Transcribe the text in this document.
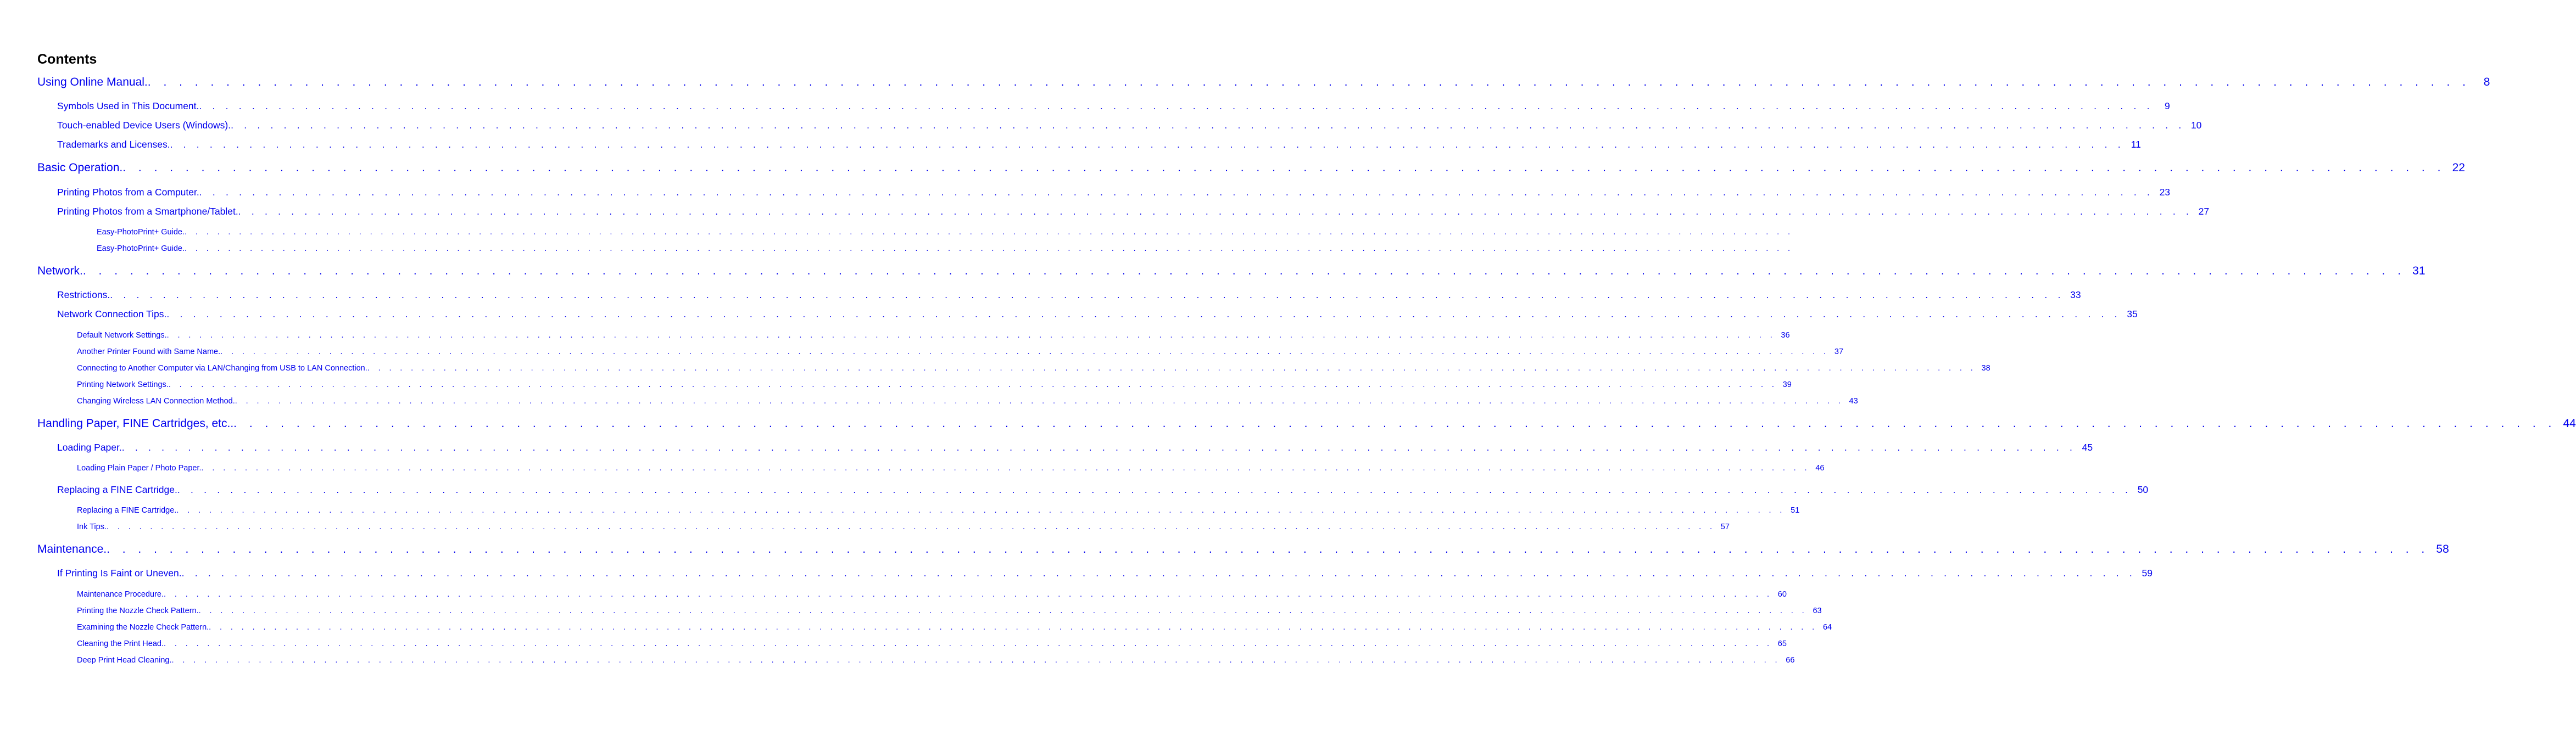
Contents
Using Online Manual. . . . . . . . . . . . . . . . . . . . . . . . . . . . . . . . . . . . . . . . . . . . . . . . . . . . . . . . . . . . . . . . . . . . . . . . . . . . . . . . . . . . . . . . . . . . . . . . . . . . . . . . . . . . . . . . . . . . . . . . . . . . . . . . . . . . . . . . . . . . . . . . . . . . .	8
Symbols Used in This Document. . . . . . . . . . . . . . . . . . . . . . . . . . . . . . . . . . . . . . . . . . . . . . . . . . . . . . . . . . . . . . . . . . . . . . . . . . . . . . . . . . . . . . . . . . . . . . . . . . . . . . . . . . . . . . . . . . . . . . . . . . . . . . . . . . . . . . . . . . . . . . . . . . . . .	9
Touch-enabled Device Users (Windows). . . . . . . . . . . . . . . . . . . . . . . . . . . . . . . . . . . . . . . . . . . . . . . . . . . . . . . . . . . . . . . . . . . . . . . . . . . . . . . . . . . . . . . . . . . . . . . . . . . . . . . . . . . . . . . . . . . . . . . . . . . . . . . . . . . . . . . . . . . . . . . . . . . . . 10
Trademarks and Licenses. . . . . . . . . . . . . . . . . . . . . . . . . . . . . . . . . . . . . . . . . . . . . . . . . . . . . . . . . . . . . . . . . . . . . . . . . . . . . . . . . . . . . . . . . . . . . . . . . . . . . . . . . . . . . . . . . . . . . . . . . . . . . . . . . . . . . . . . . . . . . . . . . . . . . 11
Basic Operation. . . . . . . . . . . . . . . . . . . . . . . . . . . . . . . . . . . . . . . . . . . . . . . . . . . . . . . . . . . . . . . . . . . . . . . . . . . . . . . . . . . . . . . . . . . . . . . . . . . . . . . . . . . . . . . . . . . . . . . . . . . . . . . . . . . . . . . . . . . . . . . . . . . . . 22
Printing Photos from a Computer. . . . . . . . . . . . . . . . . . . . . . . . . . . . . . . . . . . . . . . . . . . . . . . . . . . . . . . . . . . . . . . . . . . . . . . . . . . . . . . . . . . . . . . . . . . . . . . . . . . . . . . . . . . . . . . . . . . . . . . . . . . . . . . . . . . . . . . . . . . . . . . . . . . . . 23
Printing Photos from a Smartphone/Tablet. . . . . . . . . . . . . . . . . . . . . . . . . . . . . . . . . . . . . . . . . . . . . . . . . . . . . . . . . . . . . . . . . . . . . . . . . . . . . . . . . . . . . . . . . . . . . . . . . . . . . . . . . . . . . . . . . . . . . . . . . . . . . . . . . . . . . . . . . . . . . . . . . . . . . 27
Easy-PhotoPrint+ Guide. . . . . . . . . . . . . . . . . . . . . . . . . . . . . . . . . . . . . . . . . . . . . . . . . . . . . . . . . . . . . . . . . . . . . . . . . . . . . . . . . . . . . . . . . . . . . . . . . . . . . . . . . . . . . . . . . . . . . . . . . . . . . . . . . . . . . . . . . . . . . . . . . . . . .
Easy-PhotoPrint+ Guide. . . . . . . . . . . . . . . . . . . . . . . . . . . . . . . . . . . . . . . . . . . . . . . . . . . . . . . . . . . . . . . . . . . . . . . . . . . . . . . . . . . . . . . . . . . . . . . . . . . . . . . . . . . . . . . . . . . . . . . . . . . . . . . . . . . . . . . . . . . . . . . . . . . . .
Network. . . . . . . . . . . . . . . . . . . . . . . . . . . . . . . . . . . . . . . . . . . . . . . . . . . . . . . . . . . . . . . . . . . . . . . . . . . . . . . . . . . . . . . . . . . . . . . . . . . . . . . . . . . . . . . . . . . . . . . . . . . . . . . . . . . . . . . . . . . . . . . . . . . . . 31
Restrictions. . . . . . . . . . . . . . . . . . . . . . . . . . . . . . . . . . . . . . . . . . . . . . . . . . . . . . . . . . . . . . . . . . . . . . . . . . . . . . . . . . . . . . . . . . . . . . . . . . . . . . . . . . . . . . . . . . . . . . . . . . . . . . . . . . . . . . . . . . . . . . . . . . . . . 33
Network Connection Tips. . . . . . . . . . . . . . . . . . . . . . . . . . . . . . . . . . . . . . . . . . . . . . . . . . . . . . . . . . . . . . . . . . . . . . . . . . . . . . . . . . . . . . . . . . . . . . . . . . . . . . . . . . . . . . . . . . . . . . . . . . . . . . . . . . . . . . . . . . . . . . . . . . . . . 35
Default Network Settings. . . . . . . . . . . . . . . . . . . . . . . . . . . . . . . . . . . . . . . . . . . . . . . . . . . . . . . . . . . . . . . . . . . . . . . . . . . . . . . . . . . . . . . . . . . . . . . . . . . . . . . . . . . . . . . . . . . . . . . . . . . . . . . . . . . . . . . . . . . . . . . . . . . . . 36
Another Printer Found with Same Name. . . . . . . . . . . . . . . . . . . . . . . . . . . . . . . . . . . . . . . . . . . . . . . . . . . . . . . . . . . . . . . . . . . . . . . . . . . . . . . . . . . . . . . . . . . . . . . . . . . . . . . . . . . . . . . . . . . . . . . . . . . . . . . . . . . . . . . . . . . . . . . . . . . . . 37
Connecting to Another Computer via LAN/Changing from USB to LAN Connection. . . . . . . . . . . . . . . . . . . . . . . . . . . . . . . . . . . . . . . . . . . . . . . . . . . . . . . . . . . . . . . . . . . . . . . . . . . . . . . . . . . . . . . . . . . . . . . . . . . . . . . . . . . . . . . . . . . . . . . . . . . . . . . . . . . . . . . . . . . . . . . . . . . . . 38
Printing Network Settings. . . . . . . . . . . . . . . . . . . . . . . . . . . . . . . . . . . . . . . . . . . . . . . . . . . . . . . . . . . . . . . . . . . . . . . . . . . . . . . . . . . . . . . . . . . . . . . . . . . . . . . . . . . . . . . . . . . . . . . . . . . . . . . . . . . . . . . . . . . . . . . . . . . . . 39
Changing Wireless LAN Connection Method. . . . . . . . . . . . . . . . . . . . . . . . . . . . . . . . . . . . . . . . . . . . . . . . . . . . . . . . . . . . . . . . . . . . . . . . . . . . . . . . . . . . . . . . . . . . . . . . . . . . . . . . . . . . . . . . . . . . . . . . . . . . . . . . . . . . . . . . . . . . . . . . . . . . . 43
Handling Paper, FINE Cartridges, etc.. . . . . . . . . . . . . . . . . . . . . . . . . . . . . . . . . . . . . . . . . . . . . . . . . . . . . . . . . . . . . . . . . . . . . . . . . . . . . . . . . . . . . . . . . . . . . . . . . . . . . . . . . . . . . . . . . . . . . . . . . . . . . . . . . . . . . . . . . . . . . . . . . . . . . 44
Loading Paper. . . . . . . . . . . . . . . . . . . . . . . . . . . . . . . . . . . . . . . . . . . . . . . . . . . . . . . . . . . . . . . . . . . . . . . . . . . . . . . . . . . . . . . . . . . . . . . . . . . . . . . . . . . . . . . . . . . . . . . . . . . . . . . . . . . . . . . . . . . . . . . . . . . . . 45
Loading Plain Paper / Photo Paper. . . . . . . . . . . . . . . . . . . . . . . . . . . . . . . . . . . . . . . . . . . . . . . . . . . . . . . . . . . . . . . . . . . . . . . . . . . . . . . . . . . . . . . . . . . . . . . . . . . . . . . . . . . . . . . . . . . . . . . . . . . . . . . . . . . . . . . . . . . . . . . . . . . . . 46
Replacing a FINE Cartridge. . . . . . . . . . . . . . . . . . . . . . . . . . . . . . . . . . . . . . . . . . . . . . . . . . . . . . . . . . . . . . . . . . . . . . . . . . . . . . . . . . . . . . . . . . . . . . . . . . . . . . . . . . . . . . . . . . . . . . . . . . . . . . . . . . . . . . . . . . . . . . . . . . . . . 50
Replacing a FINE Cartridge. . . . . . . . . . . . . . . . . . . . . . . . . . . . . . . . . . . . . . . . . . . . . . . . . . . . . . . . . . . . . . . . . . . . . . . . . . . . . . . . . . . . . . . . . . . . . . . . . . . . . . . . . . . . . . . . . . . . . . . . . . . . . . . . . . . . . . . . . . . . . . . . . . . . . 51
Ink Tips. . . . . . . . . . . . . . . . . . . . . . . . . . . . . . . . . . . . . . . . . . . . . . . . . . . . . . . . . . . . . . . . . . . . . . . . . . . . . . . . . . . . . . . . . . . . . . . . . . . . . . . . . . . . . . . . . . . . . . . . . . . . . . . . . . . . . . . . . . . . . . . . . . . . . 57
Maintenance. . . . . . . . . . . . . . . . . . . . . . . . . . . . . . . . . . . . . . . . . . . . . . . . . . . . . . . . . . . . . . . . . . . . . . . . . . . . . . . . . . . . . . . . . . . . . . . . . . . . . . . . . . . . . . . . . . . . . . . . . . . . . . . . . . . . . . . . . . . . . . . . . . . . . 58
If Printing Is Faint or Uneven. . . . . . . . . . . . . . . . . . . . . . . . . . . . . . . . . . . . . . . . . . . . . . . . . . . . . . . . . . . . . . . . . . . . . . . . . . . . . . . . . . . . . . . . . . . . . . . . . . . . . . . . . . . . . . . . . . . . . . . . . . . . . . . . . . . . . . . . . . . . . . . . . . . . . 59
Maintenance Procedure. . . . . . . . . . . . . . . . . . . . . . . . . . . . . . . . . . . . . . . . . . . . . . . . . . . . . . . . . . . . . . . . . . . . . . . . . . . . . . . . . . . . . . . . . . . . . . . . . . . . . . . . . . . . . . . . . . . . . . . . . . . . . . . . . . . . . . . . . . . . . . . . . . . . . 60
Printing the Nozzle Check Pattern. . . . . . . . . . . . . . . . . . . . . . . . . . . . . . . . . . . . . . . . . . . . . . . . . . . . . . . . . . . . . . . . . . . . . . . . . . . . . . . . . . . . . . . . . . . . . . . . . . . . . . . . . . . . . . . . . . . . . . . . . . . . . . . . . . . . . . . . . . . . . . . . . . . . . 63
Examining the Nozzle Check Pattern. . . . . . . . . . . . . . . . . . . . . . . . . . . . . . . . . . . . . . . . . . . . . . . . . . . . . . . . . . . . . . . . . . . . . . . . . . . . . . . . . . . . . . . . . . . . . . . . . . . . . . . . . . . . . . . . . . . . . . . . . . . . . . . . . . . . . . . . . . . . . . . . . . . . . 64
Cleaning the Print Head. . . . . . . . . . . . . . . . . . . . . . . . . . . . . . . . . . . . . . . . . . . . . . . . . . . . . . . . . . . . . . . . . . . . . . . . . . . . . . . . . . . . . . . . . . . . . . . . . . . . . . . . . . . . . . . . . . . . . . . . . . . . . . . . . . . . . . . . . . . . . . . . . . . . . 65
Deep Print Head Cleaning. . . . . . . . . . . . . . . . . . . . . . . . . . . . . . . . . . . . . . . . . . . . . . . . . . . . . . . . . . . . . . . . . . . . . . . . . . . . . . . . . . . . . . . . . . . . . . . . . . . . . . . . . . . . . . . . . . . . . . . . . . . . . . . . . . . . . . . . . . . . . . . . . . . . . 66
